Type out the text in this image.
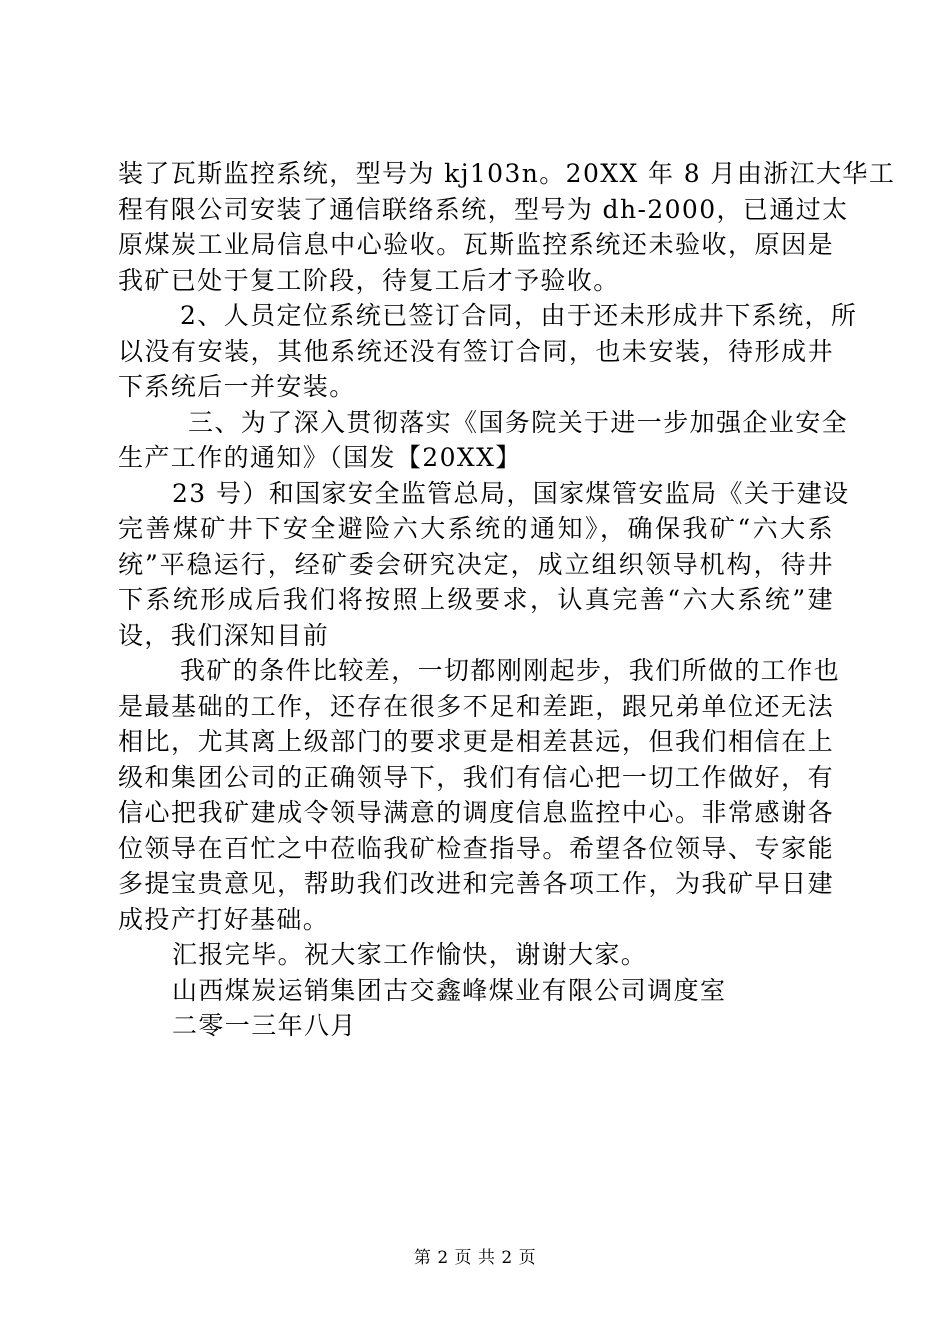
装了瓦斯监控系统，型号为 kj103n。20XX 年 8 月由浙江大华工
程有限公司安装了通信联络系统，型号为 dh-2000，已通过太
原煤炭工业局信息中心验收。瓦斯监控系统还未验收，原因是
我矿已处于复工阶段，待复工后才予验收。
2、人员定位系统已签订合同，由于还未形成井下系统，所
以没有安装，其他系统还没有签订合同，也未安装，待形成井
下系统后一并安装。
三、为了深入贯彻落实《国务院关于进一步加强企业安全
生产工作的通知》（国发【20XX】
23 号）和国家安全监管总局，国家煤管安监局《关于建设
完善煤矿井下安全避险六大系统的通知》，确保我矿“六大系
统”平稳运行，经矿委会研究决定，成立组织领导机构，待井
下系统形成后我们将按照上级要求，认真完善“六大系统”建
设，我们深知目前
我矿的条件比较差，一切都刚刚起步，我们所做的工作也
是最基础的工作，还存在很多不足和差距，跟兄弟单位还无法
相比，尤其离上级部门的要求更是相差甚远，但我们相信在上
级和集团公司的正确领导下，我们有信心把一切工作做好，有
信心把我矿建成令领导满意的调度信息监控中心。非常感谢各
位领导在百忙之中莅临我矿检查指导。希望各位领导、专家能
多提宝贵意见，帮助我们改进和完善各项工作，为我矿早日建
成投产打好基础。
汇报完毕。祝大家工作愉快，谢谢大家。
山西煤炭运销集团古交鑫峰煤业有限公司调度室
二零一三年八月
第 2 页 共 2 页
